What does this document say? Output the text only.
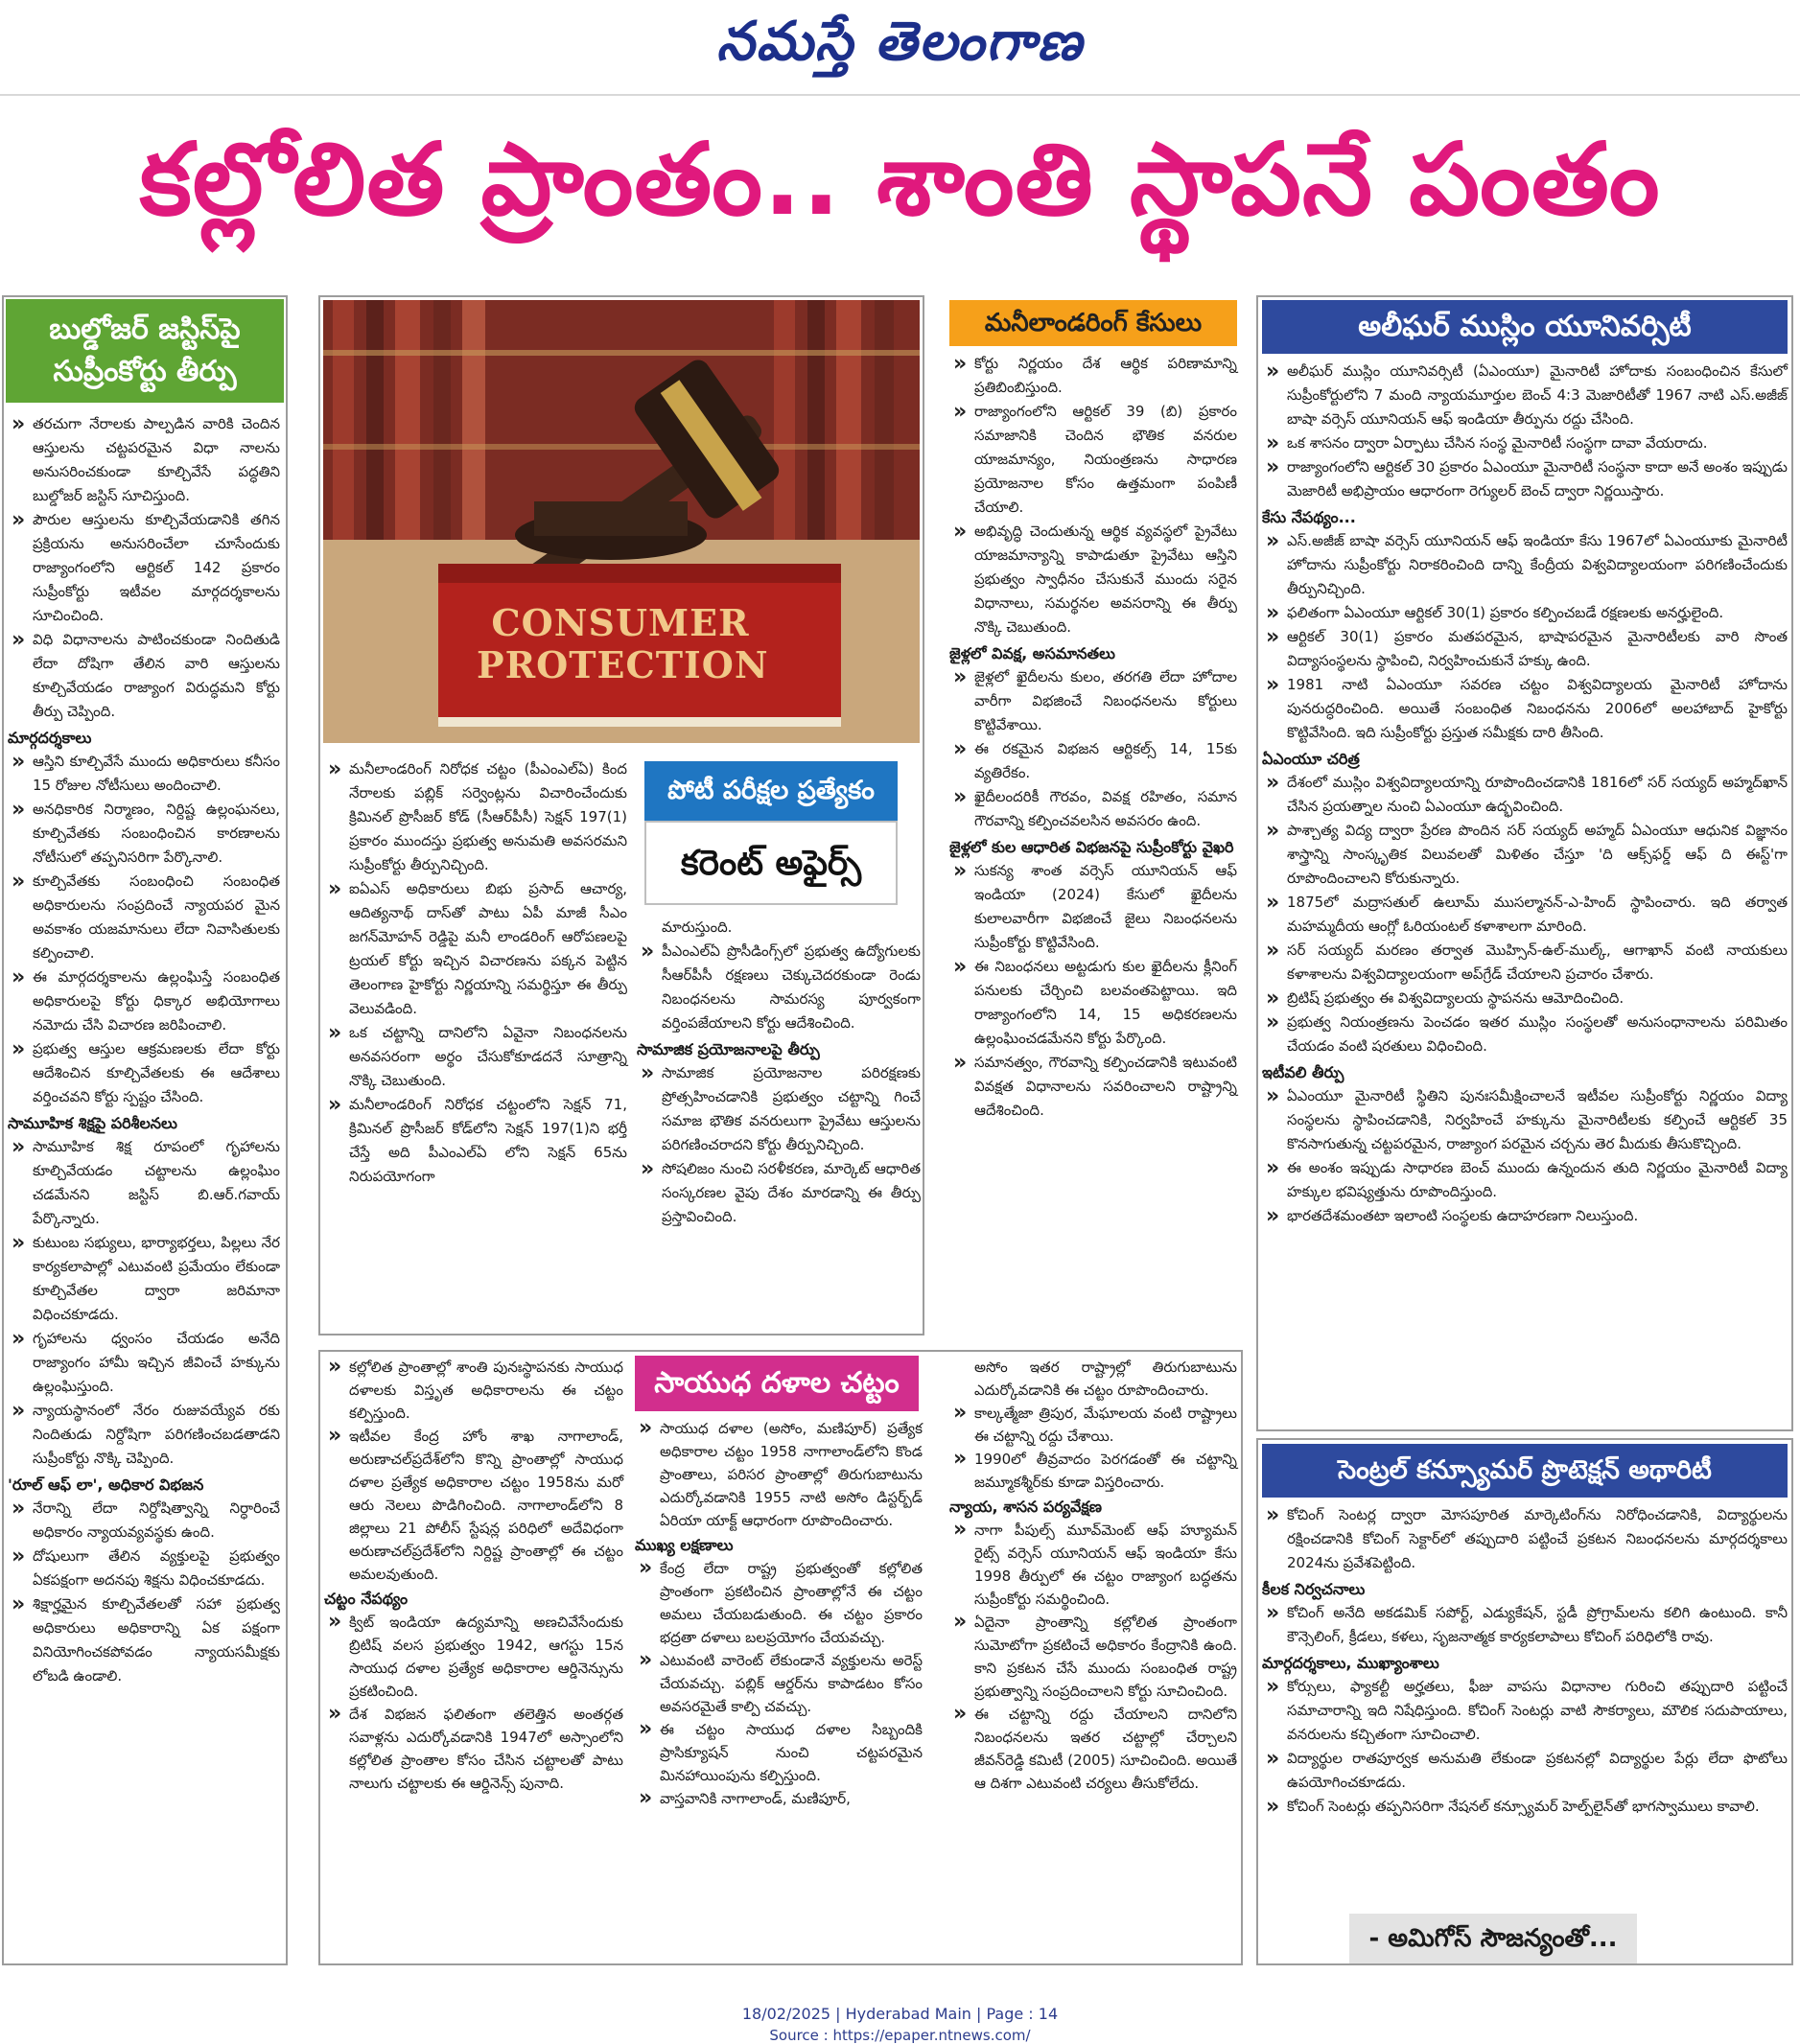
నమస్తే తెలంగాణ
కల్లోలిత ప్రాంతం.. శాంతి స్థాపనే పంతం
బుల్డోజర్ జస్టిస్‌పై
సుప్రీంకోర్టు తీర్పు

» తరచుగా నేరాలకు పాల్పడిన వారికి చెందిన ఆస్తులను చట్టపరమైన విధా నాలను అనుసరించకుండా కూల్చివేసే పద్ధతిని బుల్డోజర్ జస్టిస్ సూచిస్తుంది.

» పౌరుల ఆస్తులను కూల్చివేయడానికి తగిన ప్రక్రియను అనుసరించేలా చూసేందుకు రాజ్యాంగంలోని ఆర్టికల్ 142 ప్రకారం సుప్రీంకోర్టు ఇటీవల మార్గదర్శకాలను సూచించింది.

» విధి విధానాలను పాటించకుండా నిందితుడి లేదా దోషిగా తేలిన వారి ఆస్తులను కూల్చివేయడం రాజ్యాంగ విరుద్ధమని కోర్టు తీర్పు చెప్పింది.

మార్గదర్శకాలు

» ఆస్తిని కూల్చివేసే ముందు అధికారులు కనీసం 15 రోజుల నోటీసులు అందించాలి.

» అనధికారిక నిర్మాణం, నిర్దిష్ట ఉల్లంఘనలు, కూల్చివేతకు సంబంధించిన కారణాలను నోటీసులో తప్పనిసరిగా పేర్కొనాలి.

» కూల్చివేతకు సంబంధించి సంబంధిత అధికారులను సంప్రదించే న్యాయపర మైన అవకాశం యజమానులు లేదా నివాసితులకు కల్పించాలి.

» ఈ మార్గదర్శకాలను ఉల్లంఘిస్తే సంబంధిత అధికారులపై కోర్టు ధిక్కార అభియోగాలు నమోదు చేసి విచారణ జరిపించాలి.

» ప్రభుత్వ ఆస్తుల ఆక్రమణలకు లేదా కోర్టు ఆదేశించిన కూల్చివేతలకు ఈ ఆదేశాలు వర్తించవని కోర్టు స్పష్టం చేసింది.

సామూహిక శిక్షపై పరిశీలనలు

» సామూహిక శిక్ష రూపంలో గృహాలను కూల్చివేయడం చట్టాలను ఉల్లంఘిం చడమేనని జస్టిస్ బి.ఆర్.గవాయ్ పేర్కొన్నారు.

» కుటుంబ సభ్యులు, భార్యాభర్తలు, పిల్లలు నేర కార్యకలాపాల్లో ఎటువంటి ప్రమేయం లేకుండా కూల్చివేతల ద్వారా జరిమానా విధించకూడదు.

» గృహాలను ధ్వంసం చేయడం అనేది రాజ్యాంగం హామీ ఇచ్చిన జీవించే హక్కును ఉల్లంఘిస్తుంది.

» న్యాయస్థానంలో నేరం రుజువయ్యేవ రకు నిందితుడు నిర్దోషిగా పరిగణించబడతాడని సుప్రీంకోర్టు నొక్కి చెప్పింది.

'రూల్ ఆఫ్ లా', అధికార విభజన

» నేరాన్ని లేదా నిర్దోషిత్వాన్ని నిర్ధారించే అధికారం న్యాయవ్యవస్థకు ఉంది.

» దోషులుగా తేలిన వ్యక్తులపై ప్రభుత్వం ఏకపక్షంగా అదనపు శిక్షను విధించకూడదు.

» శిక్షార్హమైన కూల్చివేతలతో సహా ప్రభుత్వ అధికారులు అధికారాన్ని ఏక పక్షంగా వినియోగించకపోవడం న్యాయసమీక్షకు లోబడి ఉండాలి.

CONSUMER PROTECTION

» మనీలాండరింగ్ నిరోధక చట్టం (పీఎంఎల్‌ఏ) కింద నేరాలకు పబ్లిక్ సర్వెంట్లను విచారించేందుకు క్రిమినల్ ప్రొసీజర్ కోడ్ (సీఆర్‌పీసీ) సెక్షన్ 197(1) ప్రకారం ముందస్తు ప్రభుత్వ అనుమతి అవసరమని సుప్రీంకోర్టు తీర్పునిచ్చింది.

» ఐఏఎస్ అధికారులు బిభు ప్రసాద్ ఆచార్య, ఆదిత్యనాథ్ దాస్‌తో పాటు ఏపీ మాజీ సీఎం జగన్‌మోహన్ రెడ్డిపై మనీ లాండరింగ్ ఆరోపణలపై ట్రయల్ కోర్టు ఇచ్చిన విచారణను పక్కన పెట్టిన తెలంగాణ హైకోర్టు నిర్ణయాన్ని సమర్థిస్తూ ఈ తీర్పు వెలువడింది.

» ఒక చట్టాన్ని దానిలోని ఏవైనా నిబంధనలను అనవసరంగా అర్థం చేసుకోకూడదనే సూత్రాన్ని నొక్కి చెబుతుంది.

» మనీలాండరింగ్ నిరోధక చట్టంలోని సెక్షన్ 71, క్రిమినల్ ప్రొసీజర్ కోడ్‌లోని సెక్షన్ 197(1)ని భర్తీ చేస్తే అది పీఎంఎల్‌ఏ లోని సెక్షన్ 65ను నిరుపయోగంగా

పోటీ పరీక్షల ప్రత్యేకం
కరెంట్ అఫైర్స్

మారుస్తుంది.

» పీఎంఎల్‌ఏ ప్రొసీడింగ్స్‌లో ప్రభుత్వ ఉద్యోగులకు సీఆర్‌పీసీ రక్షణలు చెక్కుచెదరకుండా రెండు నిబంధనలను సామరస్య పూర్వకంగా వర్తింపజేయాలని కోర్టు ఆదేశించింది.

సామాజిక ప్రయోజనాలపై తీర్పు

» సామాజిక ప్రయోజనాల పరిరక్షణకు ప్రోత్సహించడానికి ప్రభుత్వం చట్టాన్ని గించే సమాజ భౌతిక వనరులుగా ప్రైవేటు ఆస్తులను పరిగణించరాదని కోర్టు తీర్పునిచ్చింది.

» సోషలిజం నుంచి సరళీకరణ, మార్కెట్ ఆధారిత సంస్కరణల వైపు దేశం మారడాన్ని ఈ తీర్పు ప్రస్తావించింది.

మనీలాండరింగ్ కేసులు

» కోర్టు నిర్ణయం దేశ ఆర్థిక పరిణామాన్ని ప్రతిబింబిస్తుంది.

» రాజ్యాంగంలోని ఆర్టికల్ 39 (బి) ప్రకారం సమాజానికి చెందిన భౌతిక వనరుల యాజమాన్యం, నియంత్రణను సాధారణ ప్రయోజనాల కోసం ఉత్తమంగా పంపిణీ చేయాలి.

» అభివృద్ధి చెందుతున్న ఆర్థిక వ్యవస్థలో ప్రైవేటు యాజమాన్యాన్ని కాపాడుతూ ప్రైవేటు ఆస్తిని ప్రభుత్వం స్వాధీనం చేసుకునే ముందు సరైన విధానాలు, సమర్థనల అవసరాన్ని ఈ తీర్పు నొక్కి చెబుతుంది.

జైళ్లలో వివక్ష, అసమానతలు

» జైళ్లలో ఖైదీలను కులం, తరగతి లేదా హోదాల వారీగా విభజించే నిబంధనలను కోర్టులు కొట్టివేశాయి.

» ఈ రకమైన విభజన ఆర్టికల్స్ 14, 15కు వ్యతిరేకం.

» ఖైదీలందరికీ గౌరవం, వివక్ష రహితం, సమాన గౌరవాన్ని కల్పించవలసిన అవసరం ఉంది.

జైళ్లలో కుల ఆధారిత విభజనపై సుప్రీంకోర్టు వైఖరి

» సుకన్య శాంత వర్సెస్ యూనియన్ ఆఫ్ ఇండియా (2024) కేసులో ఖైదీలను కులాలవారీగా విభజించే జైలు నిబంధనలను సుప్రీంకోర్టు కొట్టివేసింది.

» ఈ నిబంధనలు అట్టడుగు కుల ఖైదీలను క్లీనింగ్ పనులకు చేర్చించి బలవంతపెట్టాయి. ఇది రాజ్యాంగంలోని 14, 15 అధికరణలను ఉల్లంఘించడమేనని కోర్టు పేర్కొంది.

» సమానత్వం, గౌరవాన్ని కల్పించడానికి ఇటువంటి వివక్షత విధానాలను సవరించాలని రాష్ట్రాన్ని ఆదేశించింది.

అలీఘర్ ముస్లిం యూనివర్సిటీ

» అలీఘర్ ముస్లిం యూనివర్సిటీ (ఏఎంయూ) మైనారిటీ హోదాకు సంబంధించిన కేసులో సుప్రీంకోర్టులోని 7 మంది న్యాయమూర్తుల బెంచ్ 4:3 మెజారిటీతో 1967 నాటి ఎస్.అజీజ్ బాషా వర్సెస్ యూనియన్ ఆఫ్ ఇండియా తీర్పును రద్దు చేసింది.

» ఒక శాసనం ద్వారా ఏర్పాటు చేసిన సంస్థ మైనారిటీ సంస్థగా దావా వేయరాదు.

» రాజ్యాంగంలోని ఆర్టికల్ 30 ప్రకారం ఏఎంయూ మైనారిటీ సంస్థనా కాదా అనే అంశం ఇప్పుడు మెజారిటీ అభిప్రాయం ఆధారంగా రెగ్యులర్ బెంచ్ ద్వారా నిర్ణయిస్తారు.

కేసు నేపథ్యం...

» ఎస్.అజీజ్ బాషా వర్సెస్ యూనియన్ ఆఫ్ ఇండియా కేసు 1967లో ఏఎంయూకు మైనారిటీ హోదాను సుప్రీంకోర్టు నిరాకరించింది దాన్ని కేంద్రీయ విశ్వవిద్యాలయంగా పరిగణించేందుకు తీర్పునిచ్చింది.

» ఫలితంగా ఏఎంయూ ఆర్టికల్ 30(1) ప్రకారం కల్పించబడే రక్షణలకు అనర్హులైంది.

» ఆర్టికల్ 30(1) ప్రకారం మతపరమైన, భాషాపరమైన మైనారిటీలకు వారి సొంత విద్యాసంస్థలను స్థాపించి, నిర్వహించుకునే హక్కు ఉంది.

» 1981 నాటి ఏఎంయూ సవరణ చట్టం విశ్వవిద్యాలయ మైనారిటీ హోదాను పునరుద్ధరించింది. అయితే సంబంధిత నిబంధనను 2006లో అలహాబాద్ హైకోర్టు కొట్టివేసింది. ఇది సుప్రీంకోర్టు ప్రస్తుత సమీక్షకు దారి తీసింది.

ఏఎంయూ చరిత్ర

» దేశంలో ముస్లిం విశ్వవిద్యాలయాన్ని రూపొందించడానికి 1816లో సర్ సయ్యద్ అహ్మద్‌ఖాన్ చేసిన ప్రయత్నాల నుంచి ఏఎంయూ ఉద్భవించింది.

» పాశ్చాత్య విద్య ద్వారా ప్రేరణ పొందిన సర్ సయ్యద్ అహ్మద్ ఏఎంయూ ఆధునిక విజ్ఞానం శాస్త్రాన్ని సాంస్కృతిక విలువలతో మిళితం చేస్తూ 'ది ఆక్స్‌ఫర్డ్ ఆఫ్ ది ఈస్ట్'గా రూపొందించాలని కోరుకున్నారు.

» 1875లో మద్రాసతుల్ ఉలూమ్ ముసల్మానన్-ఎ-హింద్ స్థాపించారు. ఇది తర్వాత మహమ్మదీయ ఆంగ్లో ఓరియంటల్ కళాశాలగా మారింది.

» సర్ సయ్యద్ మరణం తర్వాత మొహ్సిన్-ఉల్-ముల్క్, ఆగాఖాన్ వంటి నాయకులు కళాశాలను విశ్వవిద్యాలయంగా అప్‌గ్రేడ్ చేయాలని ప్రచారం చేశారు.

» బ్రిటిష్ ప్రభుత్వం ఈ విశ్వవిద్యాలయ స్థాపనను ఆమోదించింది.

» ప్రభుత్వ నియంత్రణను పెంచడం ఇతర ముస్లిం సంస్థలతో అనుసంధానాలను పరిమితం చేయడం వంటి షరతులు విధించింది.

ఇటీవలి తీర్పు

» ఏఎంయూ మైనారిటీ స్థితిని పునఃసమీక్షించాలనే ఇటీవల సుప్రీంకోర్టు నిర్ణయం విద్యా సంస్థలను స్థాపించడానికి, నిర్వహించే హక్కును మైనారిటీలకు కల్పించే ఆర్టికల్ 35 కొనసాగుతున్న చట్టపరమైన, రాజ్యాంగ పరమైన చర్చను తెర మీదుకు తీసుకొచ్చింది.

» ఈ అంశం ఇప్పుడు సాధారణ బెంచ్ ముందు ఉన్నందున తుది నిర్ణయం మైనారిటీ విద్యా హక్కుల భవిష్యత్తును రూపొందిస్తుంది.

» భారతదేశమంతటా ఇలాంటి సంస్థలకు ఉదాహరణగా నిలుస్తుంది.

» కల్లోలిత ప్రాంతాల్లో శాంతి పునఃస్థాపనకు సాయుధ దళాలకు విస్తృత అధికారాలను ఈ చట్టం కల్పిస్తుంది.

» ఇటీవల కేంద్ర హోం శాఖ నాగాలాండ్, అరుణాచల్‌ప్రదేశ్‌లోని కొన్ని ప్రాంతాల్లో సాయుధ దళాల ప్రత్యేక అధికారాల చట్టం 1958ను మరో ఆరు నెలలు పొడిగించింది. నాగాలాండ్‌లోని 8 జిల్లాలు 21 పోలీస్ స్టేషన్ల పరిధిలో అదేవిధంగా అరుణాచల్‌ప్రదేశ్‌లోని నిర్దిష్ట ప్రాంతాల్లో ఈ చట్టం అమలవుతుంది.

చట్టం నేపథ్యం

» క్విట్ ఇండియా ఉద్యమాన్ని అణచివేసేందుకు బ్రిటిష్ వలస ప్రభుత్వం 1942, ఆగస్టు 15న సాయుధ దళాల ప్రత్యేక అధికారాల ఆర్డినెన్సును ప్రకటించింది.

» దేశ విభజన ఫలితంగా తలెత్తిన అంతర్గత సవాళ్లను ఎదుర్కోవడానికి 1947లో అస్సాంలోని కల్లోలిత ప్రాంతాల కోసం చేసిన చట్టాలతో పాటు నాలుగు చట్టాలకు ఈ ఆర్డినెన్స్ పునాది.

సాయుధ దళాల చట్టం

» సాయుధ దళాల (అసోం, మణిపూర్) ప్రత్యేక అధికారాల చట్టం 1958 నాగాలాండ్‌లోని కొండ ప్రాంతాలు, పరిసర ప్రాంతాల్లో తిరుగుబాటును ఎదుర్కోవడానికి 1955 నాటి అసోం డిస్టర్బ్‌డ్ ఏరియా యాక్ట్ ఆధారంగా రూపొందించారు.

ముఖ్య లక్షణాలు

» కేంద్ర లేదా రాష్ట్ర ప్రభుత్వంతో కల్లోలిత ప్రాంతంగా ప్రకటించిన ప్రాంతాల్లోనే ఈ చట్టం అమలు చేయబడుతుంది. ఈ చట్టం ప్రకారం భద్రతా దళాలు బలప్రయోగం చేయవచ్చు.

» ఎటువంటి వారెంట్ లేకుండానే వ్యక్తులను అరెస్ట్ చేయవచ్చు. పబ్లిక్ ఆర్డర్‌ను కాపాడటం కోసం అవసరమైతే కాల్పి చవచ్చు.

» ఈ చట్టం సాయుధ దళాల సిబ్బందికి ప్రాసిక్యూషన్ నుంచి చట్టపరమైన మినహాయింపును కల్పిస్తుంది.

» వాస్తవానికి నాగాలాండ్, మణిపూర్,

అసోం ఇతర రాష్ట్రాల్లో తిరుగుబాటును ఎదుర్కోవడానికి ఈ చట్టం రూపొందించారు.

» కాల్కత్మేజా త్రిపుర, మేఘాలయ వంటి రాష్ట్రాలు ఈ చట్టాన్ని రద్దు చేశాయి.

» 1990లో తీవ్రవాదం పెరగడంతో ఈ చట్టాన్ని జమ్మూకశ్మీర్‌కు కూడా విస్తరించారు.

న్యాయ, శాసన పర్యవేక్షణ

» నాగా పీపుల్స్ మూవ్‌మెంట్ ఆఫ్ హ్యూమన్ రైట్స్ వర్సెస్ యూనియన్ ఆఫ్ ఇండియా కేసు 1998 తీర్పులో ఈ చట్టం రాజ్యాంగ బద్ధతను సుప్రీంకోర్టు సమర్థించింది.

» ఏదైనా ప్రాంతాన్ని కల్లోలిత ప్రాంతంగా సుమోటోగా ప్రకటించే అధికారం కేంద్రానికి ఉంది. కాని ప్రకటన చేసే ముందు సంబంధిత రాష్ట్ర ప్రభుత్వాన్ని సంప్రదించాలని కోర్టు సూచించింది.

» ఈ చట్టాన్ని రద్దు చేయాలని దానిలోని నిబంధనలను ఇతర చట్టాల్లో చేర్చాలని జీవన్‌రెడ్డి కమిటీ (2005) సూచించింది. అయితే ఆ దిశగా ఎటువంటి చర్యలు తీసుకోలేదు.

సెంట్రల్ కన్స్యూమర్ ప్రొటెక్షన్ అథారిటీ

» కోచింగ్ సెంటర్ల ద్వారా మోసపూరిత మార్కెటింగ్‌ను నిరోధించడానికి, విద్యార్థులను రక్షించడానికి కోచింగ్ సెక్టార్‌లో తప్పుదారి పట్టించే ప్రకటన నిబంధనలను మార్గదర్శకాలు 2024ను ప్రవేశపెట్టింది.

కీలక నిర్వచనాలు

» కోచింగ్ అనేది అకడమిక్ సపోర్ట్, ఎడ్యుకేషన్, స్టడీ ప్రోగ్రామ్‌లను కలిగి ఉంటుంది. కానీ కౌన్సెలింగ్, క్రీడలు, కళలు, సృజనాత్మక కార్యకలాపాలు కోచింగ్ పరిధిలోకి రావు.

మార్గదర్శకాలు, ముఖ్యాంశాలు

» కోర్సులు, ఫ్యాకల్టీ అర్హతలు, ఫీజు వాపసు విధానాల గురించి తప్పుదారి పట్టించే సమాచారాన్ని ఇది నిషేధిస్తుంది. కోచింగ్ సెంటర్లు వాటి సౌకర్యాలు, మౌలిక సదుపాయాలు, వనరులను కచ్చితంగా సూచించాలి.

» విద్యార్థుల రాతపూర్వక అనుమతి లేకుండా ప్రకటనల్లో విద్యార్థుల పేర్లు లేదా ఫొటోలు ఉపయోగించకూడదు.

» కోచింగ్ సెంటర్లు తప్పనిసరిగా నేషనల్ కన్స్యూమర్ హెల్ప్‌లైన్‌తో భాగస్వాములు కావాలి.

- అమిగోస్ సౌజన్యంతో...
18/02/2025 | Hyderabad Main | Page : 14
Source : https://epaper.ntnews.com/
